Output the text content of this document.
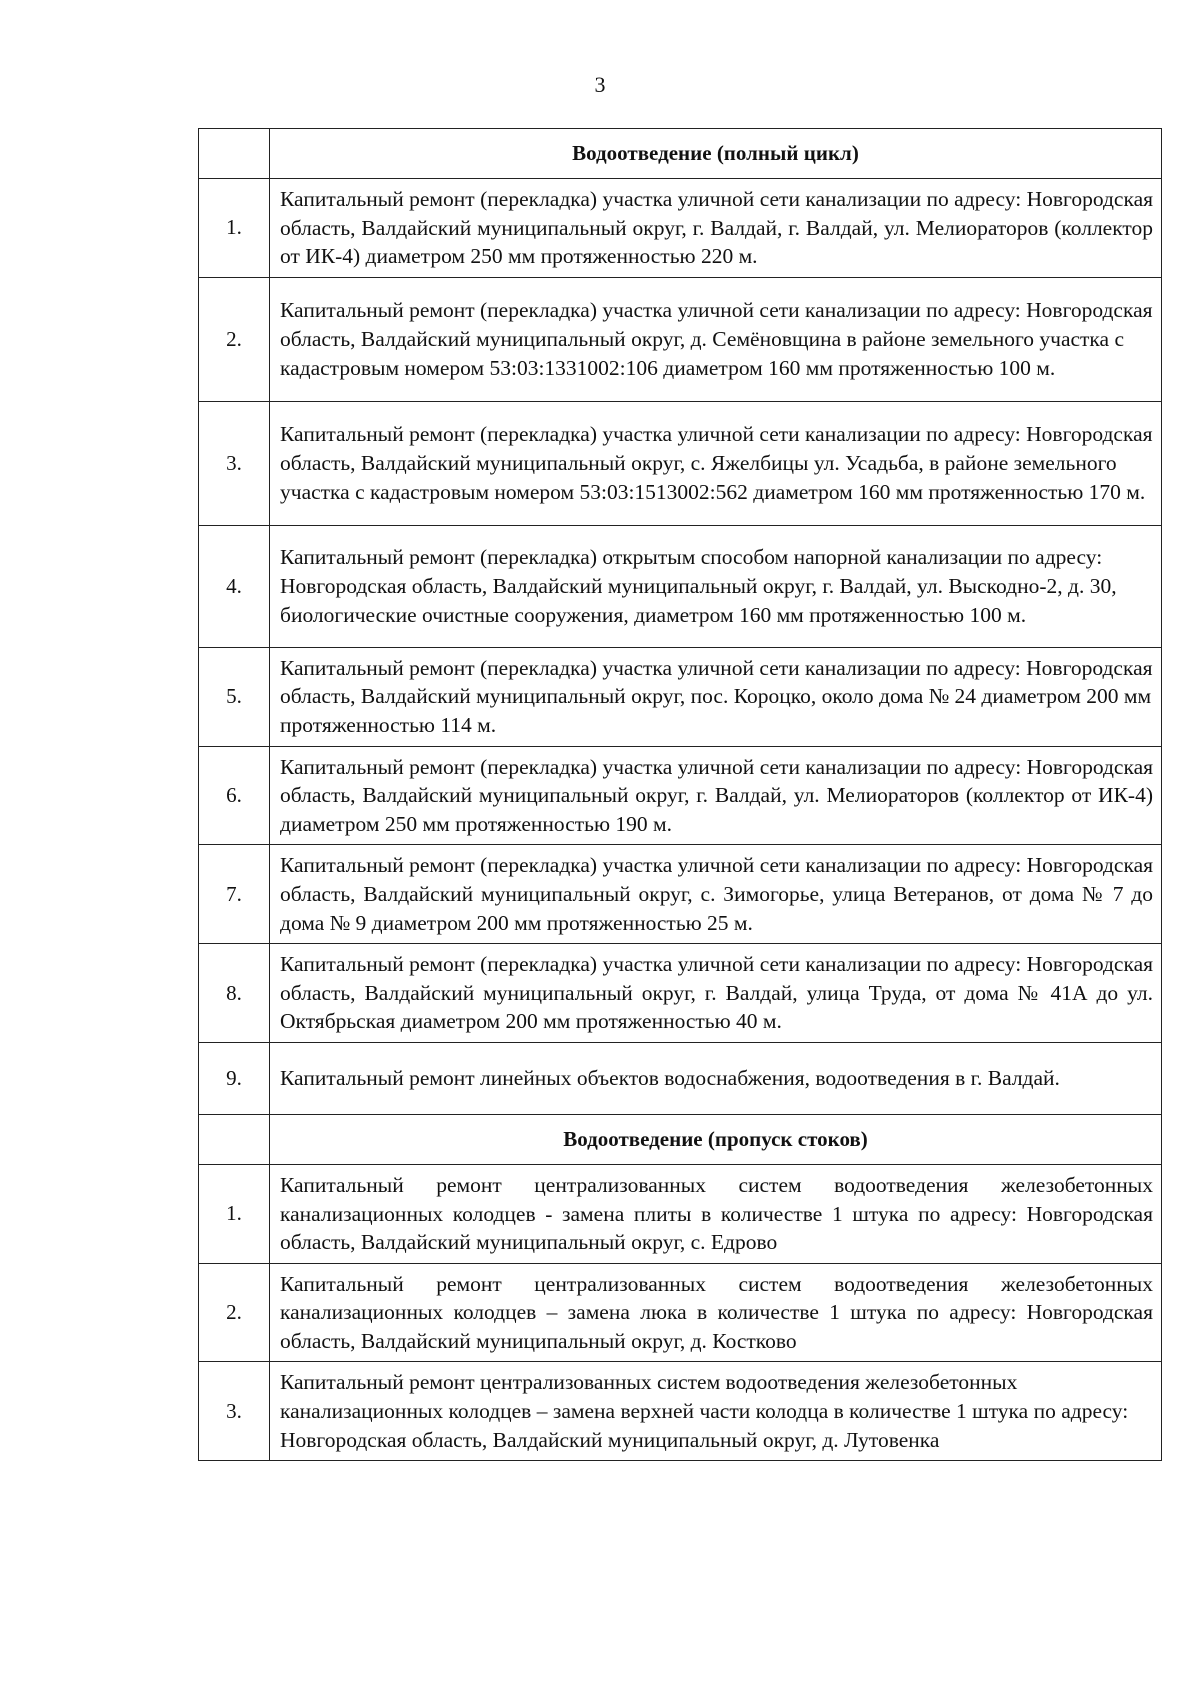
3
	Водоотведение (полный цикл)
1.	Капитальный ремонт (перекладка) участка уличной сети канализации по адресу: Новгородская область, Валдайский муниципальный округ, г. Валдай, г. Валдай, ул. Мелиораторов (коллектор от ИК-4) диаметром 250 мм протяженностью 220 м.
2.	Капитальный ремонт (перекладка) участка уличной сети канализации по адресу: Новгородская область, Валдайский муниципальный округ, д. Семёновщина в районе земельного участка с кадастровым номером 53:03:1331002:106 диаметром 160 мм протяженностью 100 м.
3.	Капитальный ремонт (перекладка) участка уличной сети канализации по адресу: Новгородская область, Валдайский муниципальный округ, с. Яжелбицы ул. Усадьба, в районе земельного участка с кадастровым номером 53:03:1513002:562 диаметром 160 мм протяженностью 170 м.
4.	Капитальный ремонт (перекладка) открытым способом напорной канализации по адресу: Новгородская область, Валдайский муниципальный округ, г. Валдай, ул. Выскодно-2, д. 30, биологические очистные сооружения, диаметром 160 мм протяженностью 100 м.
5.	Капитальный ремонт (перекладка) участка уличной сети канализации по адресу: Новгородская область, Валдайский муниципальный округ, пос. Короцко, около дома № 24 диаметром 200 мм протяженностью 114 м.
6.	Капитальный ремонт (перекладка) участка уличной сети канализации по адресу: Новгородская область, Валдайский муниципальный округ, г. Валдай, ул. Мелиораторов (коллектор от ИК-4) диаметром 250 мм протяженностью 190 м.
7.	Капитальный ремонт (перекладка) участка уличной сети канализации по адресу: Новгородская область, Валдайский муниципальный округ, с. Зимогорье, улица Ветеранов, от дома № 7 до дома № 9 диаметром 200 мм протяженностью 25 м.
8.	Капитальный ремонт (перекладка) участка уличной сети канализации по адресу: Новгородская область, Валдайский муниципальный округ, г. Валдай, улица Труда, от дома № 41А до ул. Октябрьская диаметром 200 мм протяженностью 40 м.
9.	Капитальный ремонт линейных объектов водоснабжения, водоотведения в г. Валдай.
	Водоотведение (пропуск стоков)
1.	Капитальный ремонт централизованных систем водоотведения железобетонных канализационных колодцев - замена плиты в количестве 1 штука по адресу: Новгородская область, Валдайский муниципальный округ, с. Едрово
2.	Капитальный ремонт централизованных систем водоотведения железобетонных канализационных колодцев – замена люка в количестве 1 штука по адресу: Новгородская область, Валдайский муниципальный округ, д. Костково
3.	Капитальный ремонт централизованных систем водоотведения железобетонных канализационных колодцев – замена верхней части колодца в количестве 1 штука по адресу: Новгородская область, Валдайский муниципальный округ, д. Лутовенка
